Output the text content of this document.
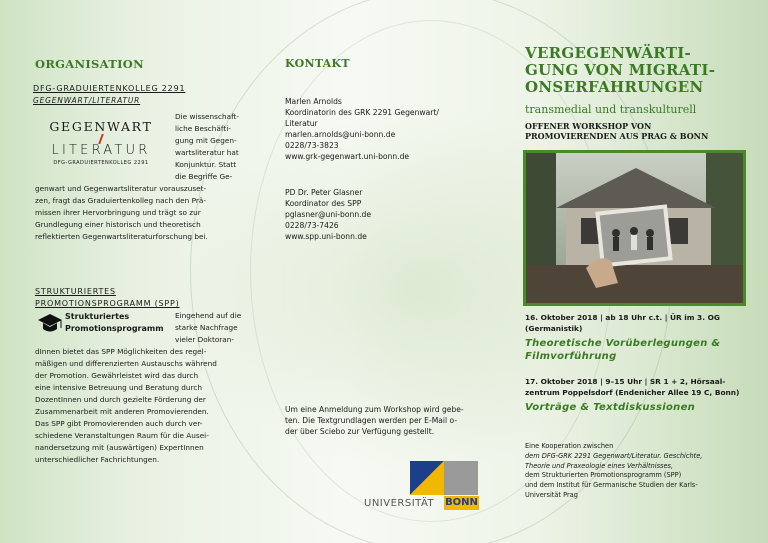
ORGANISATION
DFG-GRADUIERTENKOLLEG 2291
GEGENWART/LITERATUR
GEGENWART
LITERATUR
DFG-GRADUIERTENKOLLEG 2291
Die wissenschaft-
liche Beschäfti-
gung mit Gegen-
wartsliteratur hat
Konjunktur. Statt
die Begriffe Ge-
genwart und Gegenwartsliteratur vorauszuset-
zen, fragt das Graduiertenkolleg nach den Prä-
missen ihrer Hervorbringung und trägt so zur
Grundlegung einer historisch und theoretisch
reflektierten Gegenwartsliteraturforschung bei.
STRUKTURIERTES
PROMOTIONSPROGRAMM (SPP)
Strukturiertes
Promotionsprogramm
Eingehend auf die
starke Nachfrage
vieler Doktoran-
dInnen bietet das SPP Möglichkeiten des regel-
mäßigen und differenzierten Austauschs während
der Promotion. Gewährleistet wird das durch
eine intensive Betreuung und Beratung durch
DozentInnen und durch gezielte Förderung der
Zusammenarbeit mit anderen Promovierenden.
Das SPP gibt Promovierenden auch durch ver-
schiedene Veranstaltungen Raum für die Ausei-
nandersetzung mit (auswärtigen) ExpertInnen
unterschiedlicher Fachrichtungen.
KONTAKT
Marlen Arnolds
Koordinatorin des GRK 2291 Gegenwart/
Literatur
marlen.arnolds@uni-bonn.de
0228/73-3823
www.grk-gegenwart.uni-bonn.de
PD Dr. Peter Glasner
Koordinator des SPP
pglasner@uni-bonn.de
0228/73-7426
www.spp.uni-bonn.de
Um eine Anmeldung zum Workshop wird gebe-
ten. Die Textgrundlagen werden per E-Mail o-
der über Sciebo zur Verfügung gestellt.
UNIVERSITÄT BONN
VERGEGENWÄRTI-
GUNG VON MIGRATI-
ONSERFAHRUNGEN
transmedial und transkulturell
OFFENER WORKSHOP VON
PROMOVIERENDEN AUS PRAG & BONN
16. Oktober 2018 | ab 18 Uhr c.t. | ÜR im 3. OG
(Germanistik)
Theoretische Vorüberlegungen &
Filmvorführung
17. Oktober 2018 | 9–15 Uhr | SR 1 + 2, Hörsaal-
zentrum Poppelsdorf (Endenicher Allee 19 C, Bonn)
Vorträge & Textdiskussionen
Eine Kooperation zwischen
dem DFG-GRK 2291 Gegenwart/Literatur. Geschichte,
Theorie und Praxeologie eines Verhältnisses,
dem Strukturierten Promotionsprogramm (SPP)
und dem Institut für Germanische Studien der Karls-
Universität Prag
